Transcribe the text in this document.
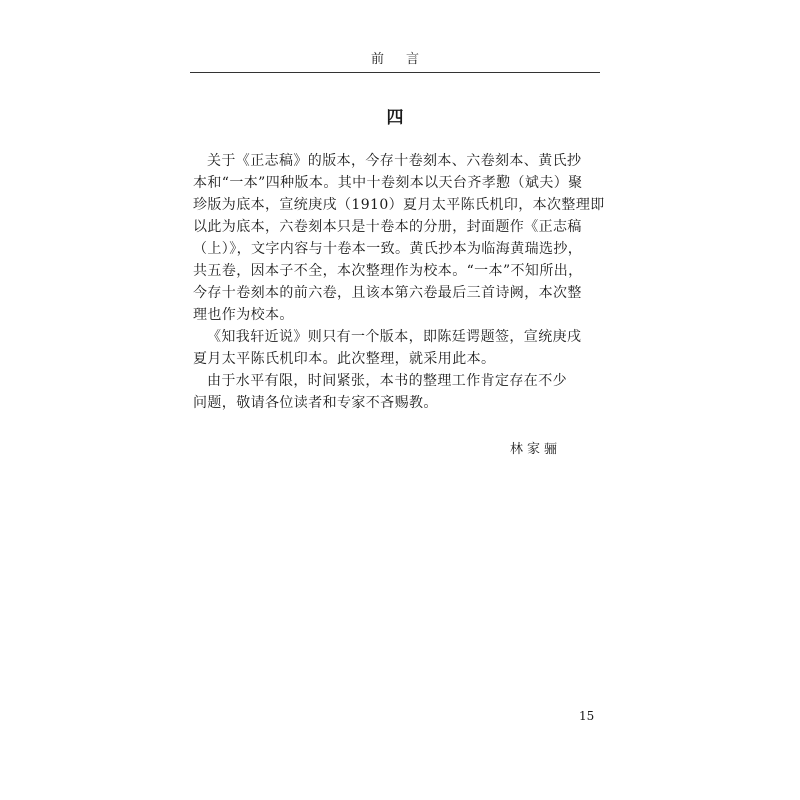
前言
四

关于《正志稿》的版本，今存十卷刻本、六卷刻本、黄氏抄
本和“一本”四种版本。其中十卷刻本以天台齐孝懃（斌夫）聚
珍版为底本，宣统庚戌（1910）夏月太平陈氏机印，本次整理即
以此为底本，六卷刻本只是十卷本的分册，封面题作《正志稿
（上）》，文字内容与十卷本一致。黄氏抄本为临海黄瑞选抄，
共五卷，因本子不全，本次整理作为校本。“一本”不知所出，
今存十卷刻本的前六卷，且该本第六卷最后三首诗阙，本次整
理也作为校本。

《知我轩近说》则只有一个版本，即陈廷谔题签，宣统庚戌
夏月太平陈氏机印本。此次整理，就采用此本。

由于水平有限，时间紧张，本书的整理工作肯定存在不少
问题，敬请各位读者和专家不吝赐教。

林家骊
15
